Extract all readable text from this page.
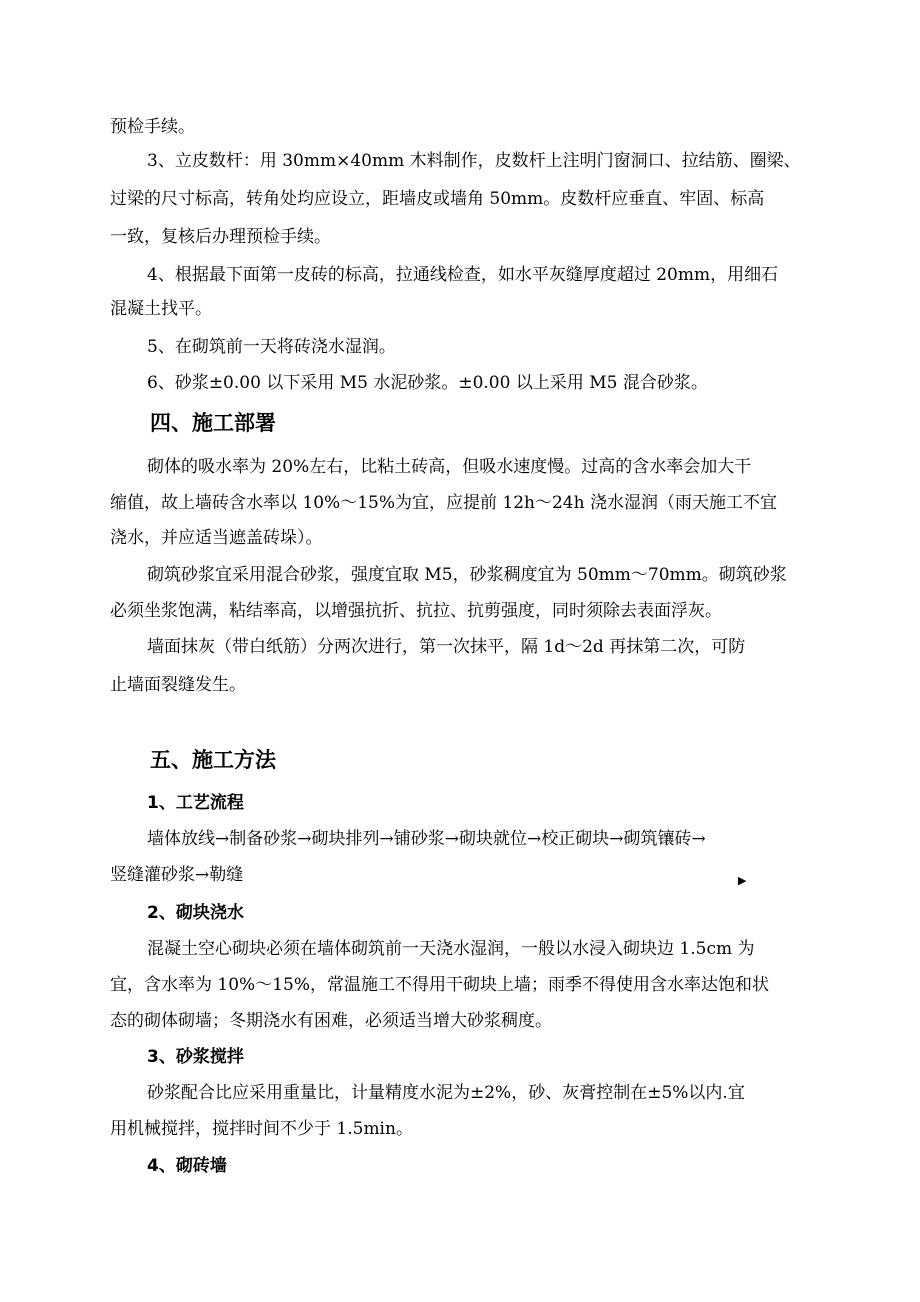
预检手续。
3、立皮数杆：用 30mm×40mm 木料制作，皮数杆上注明门窗洞口、拉结筋、圈梁、
过梁的尺寸标高，转角处均应设立，距墙皮或墙角 50mm。皮数杆应垂直、牢固、标高
一致，复核后办理预检手续。
4、根据最下面第一皮砖的标高，拉通线检查，如水平灰缝厚度超过 20mm，用细石
混凝土找平。
5、在砌筑前一天将砖浇水湿润。
6、砂浆±0.00 以下采用 M5 水泥砂浆。±0.00 以上采用 M5 混合砂浆。
四、施工部署
砌体的吸水率为 20%左右，比粘土砖高，但吸水速度慢。过高的含水率会加大干
缩值，故上墙砖含水率以 10%～15%为宜，应提前 12h～24h 浇水湿润（雨天施工不宜
浇水，并应适当遮盖砖垛）。
砌筑砂浆宜采用混合砂浆，强度宜取 M5，砂浆稠度宜为 50mm～70mm。砌筑砂浆
必须坐浆饱满，粘结率高，以增强抗折、抗拉、抗剪强度，同时须除去表面浮灰。
墙面抹灰（带白纸筋）分两次进行，第一次抹平，隔 1d～2d 再抹第二次，可防
止墙面裂缝发生。
五、施工方法
1、工艺流程
墙体放线→制备砂浆→砌块排列→铺砂浆→砌块就位→校正砌块→砌筑镶砖→
竖缝灌砂浆→勒缝	▶
2、砌块浇水
混凝土空心砌块必须在墙体砌筑前一天浇水湿润，一般以水浸入砌块边 1.5cm 为
宜，含水率为 10%～15%，常温施工不得用干砌块上墙；雨季不得使用含水率达饱和状
态的砌体砌墙；冬期浇水有困难，必须适当增大砂浆稠度。
3、砂浆搅拌
砂浆配合比应采用重量比，计量精度水泥为±2%，砂、灰膏控制在±5%以内.宜
用机械搅拌，搅拌时间不少于 1.5min。
4、砌砖墙
